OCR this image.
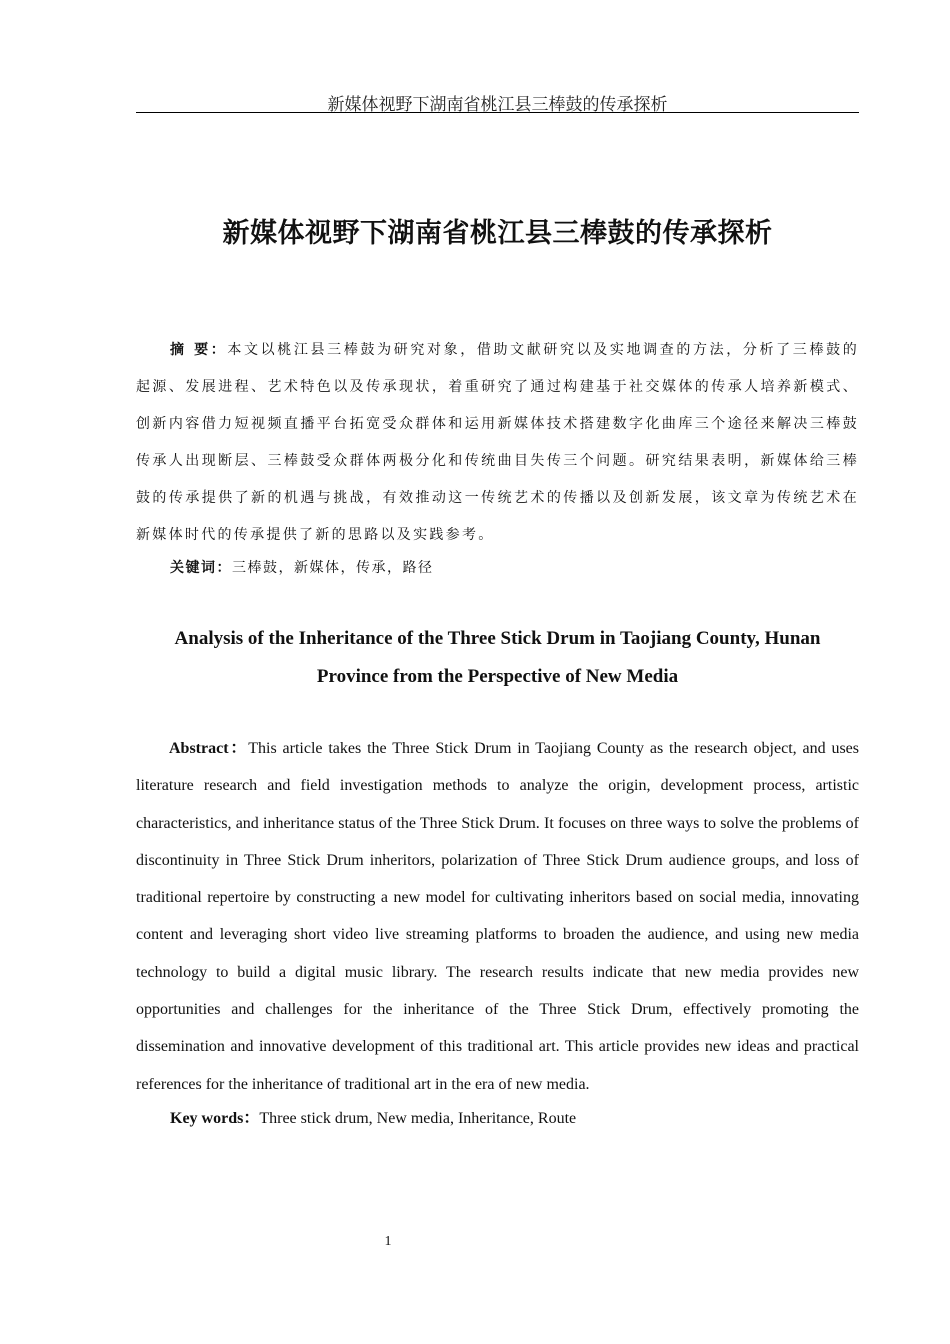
新媒体视野下湖南省桃江县三棒鼓的传承探析
新媒体视野下湖南省桃江县三棒鼓的传承探析

摘 要：本文以桃江县三棒鼓为研究对象，借助文献研究以及实地调查的方法，分析了三棒鼓的起源、发展进程、艺术特色以及传承现状，着重研究了通过构建基于社交媒体的传承人培养新模式、创新内容借力短视频直播平台拓宽受众群体和运用新媒体技术搭建数字化曲库三个途径来解决三棒鼓传承人出现断层、三棒鼓受众群体两极分化和传统曲目失传三个问题。研究结果表明，新媒体给三棒鼓的传承提供了新的机遇与挑战，有效推动这一传统艺术的传播以及创新发展，该文章为传统艺术在新媒体时代的传承提供了新的思路以及实践参考。

关键词：三棒鼓，新媒体，传承，路径

Analysis of the Inheritance of the Three Stick Drum in Taojiang County, Hunan
Province from the Perspective of New Media

Abstract：This article takes the Three Stick Drum in Taojiang County as the research object, and uses literature research and field investigation methods to analyze the origin, development process, artistic characteristics, and inheritance status of the Three Stick Drum. It focuses on three ways to solve the problems of discontinuity in Three Stick Drum inheritors, polarization of Three Stick Drum audience groups, and loss of traditional repertoire by constructing a new model for cultivating inheritors based on social media, innovating content and leveraging short video live streaming platforms to broaden the audience, and using new media technology to build a digital music library. The research results indicate that new media provides new opportunities and challenges for the inheritance of the Three Stick Drum, effectively promoting the dissemination and innovative development of this traditional art. This article provides new ideas and practical references for the inheritance of traditional art in the era of new media.

Key words：Three stick drum, New media, Inheritance, Route

1
